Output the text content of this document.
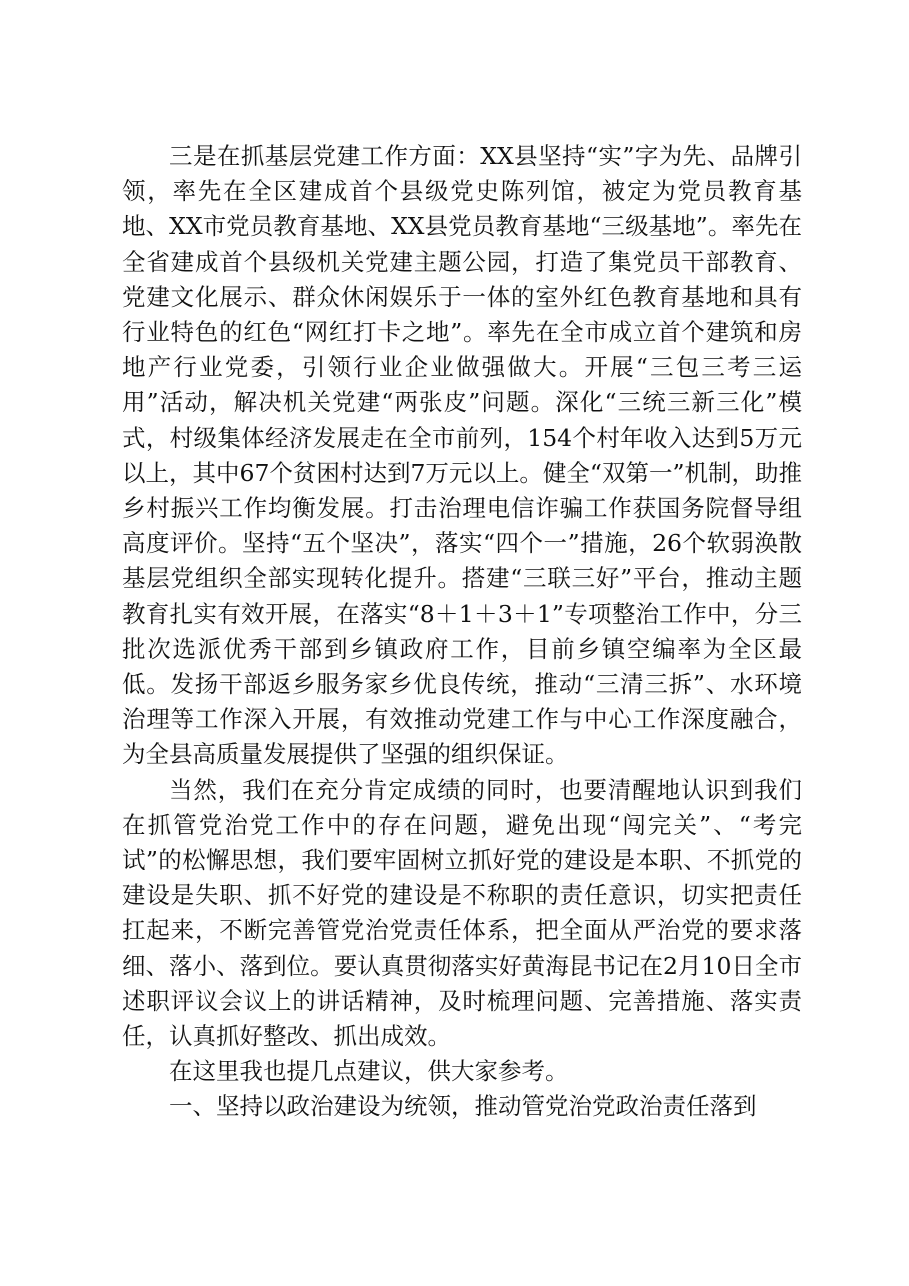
三是在抓基层党建工作方面：XX县坚持“实”字为先、品牌引领，率先在全区建成首个县级党史陈列馆，被定为党员教育基地、XX市党员教育基地、XX县党员教育基地“三级基地”。率先在全省建成首个县级机关党建主题公园，打造了集党员干部教育、党建文化展示、群众休闲娱乐于一体的室外红色教育基地和具有行业特色的红色“网红打卡之地”。率先在全市成立首个建筑和房地产行业党委，引领行业企业做强做大。开展“三包三考三运用”活动，解决机关党建“两张皮”问题。深化“三统三新三化”模式，村级集体经济发展走在全市前列，154个村年收入达到5万元以上，其中67个贫困村达到7万元以上。健全“双第一”机制，助推乡村振兴工作均衡发展。打击治理电信诈骗工作获国务院督导组高度评价。坚持“五个坚决”，落实“四个一”措施，26个软弱涣散基层党组织全部实现转化提升。搭建“三联三好”平台，推动主题教育扎实有效开展，在落实“8＋1＋3＋1”专项整治工作中，分三批次选派优秀干部到乡镇政府工作，目前乡镇空编率为全区最低。发扬干部返乡服务家乡优良传统，推动“三清三拆”、水环境治理等工作深入开展，有效推动党建工作与中心工作深度融合，为全县高质量发展提供了坚强的组织保证。

当然，我们在充分肯定成绩的同时，也要清醒地认识到我们在抓管党治党工作中的存在问题，避免出现“闯完关”、“考完试”的松懈思想，我们要牢固树立抓好党的建设是本职、不抓党的建设是失职、抓不好党的建设是不称职的责任意识，切实把责任扛起来，不断完善管党治党责任体系，把全面从严治党的要求落细、落小、落到位。要认真贯彻落实好黄海昆书记在2月10日全市述职评议会议上的讲话精神，及时梳理问题、完善措施、落实责任，认真抓好整改、抓出成效。

在这里我也提几点建议，供大家参考。

一、坚持以政治建设为统领，推动管党治党政治责任落到
